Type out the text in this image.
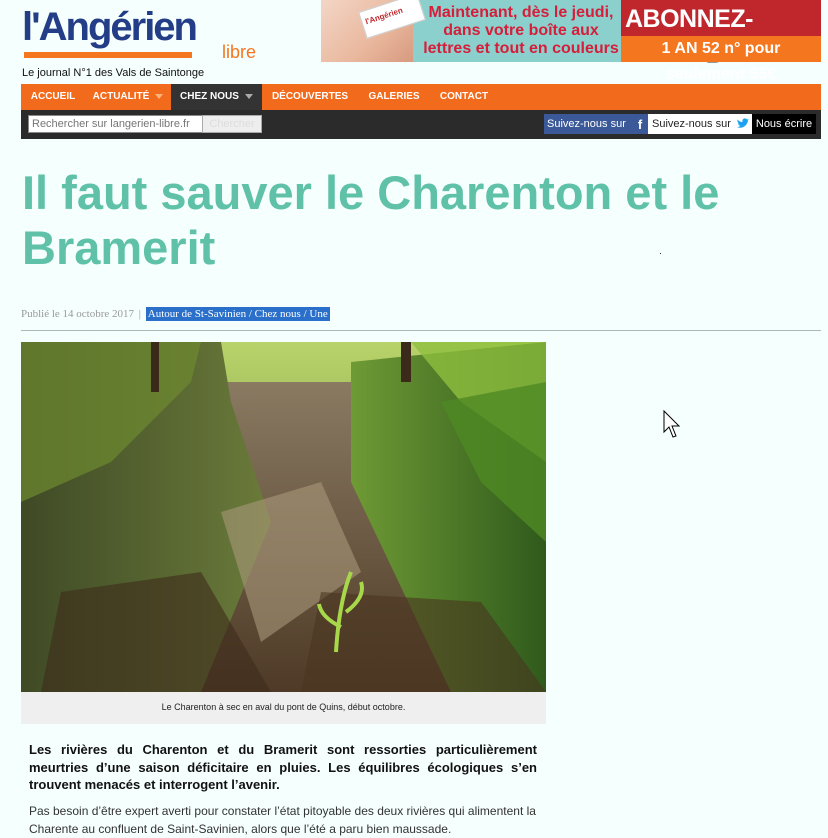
l'Angérien
libre
Le journal N°1 des Vals de Saintonge
l'Angérien	Maintenant, dès le jeudi, dans votre boîte aux lettres et tout en couleurs
ABONNEZ-
1 AN 52 n° pour seulement 55€
ACCUEIL	ACTUALITÉ	CHEZ NOUS	DÉCOUVERTES	GALERIES	CONTACT
Rechercher sur langerien-libre.fr
Chercher	Suivez-nous sur f Suivez-nous sur	Nous écrire
Il faut sauver le Charenton et le Bramerit
Publié le 14 octobre 2017 | Autour de St-Savinien / Chez nous / Une
Le Charenton à sec en aval du pont de Quins, début octobre.

Les rivières du Charenton et du Bramerit sont ressorties particulièrement meurtries d’une saison déficitaire en pluies. Les équilibres écologiques s’en trouvent menacés et interrogent l’avenir.

Pas besoin d’être expert averti pour constater l’état pitoyable des deux rivières qui alimentent la Charente au confluent de Saint-Savinien, alors que l’été a paru bien maussade.
